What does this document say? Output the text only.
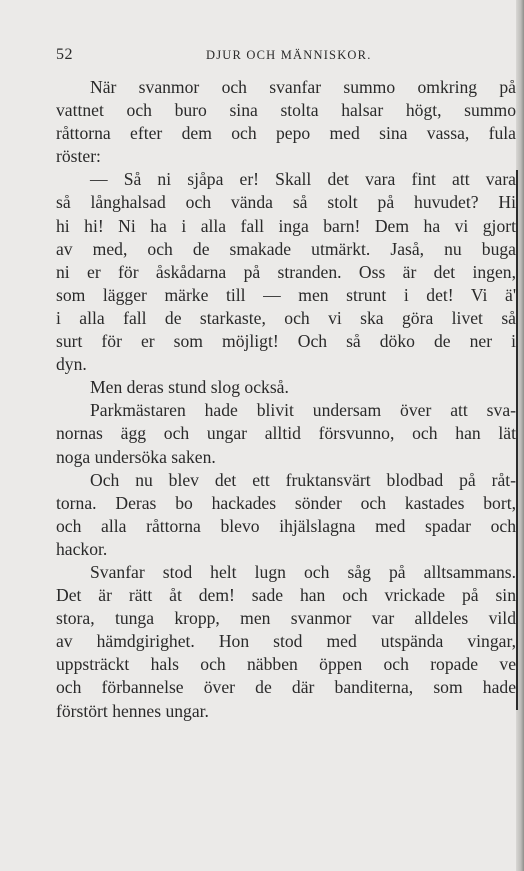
52	DJUR OCH MÄNNISKOR.
När svanmor och svanfar summo omkring på
vattnet och buro sina stolta halsar högt, summo
råttorna efter dem och pepo med sina vassa, fula
röster:
— Så ni sjåpa er! Skall det vara fint att vara
så långhalsad och vända så stolt på huvudet? Hi
hi hi! Ni ha i alla fall inga barn! Dem ha vi gjort
av med, och de smakade utmärkt. Jaså, nu buga
ni er för åskådarna på stranden. Oss är det ingen,
som lägger märke till — men strunt i det! Vi ä'
i alla fall de starkaste, och vi ska göra livet så
surt för er som möjligt! Och så döko de ner i
dyn.
Men deras stund slog också.
Parkmästaren hade blivit undersam över att sva-
nornas ägg och ungar alltid försvunno, och han lät
noga undersöka saken.
Och nu blev det ett fruktansvärt blodbad på råt-
torna. Deras bo hackades sönder och kastades bort,
och alla råttorna blevo ihjälslagna med spadar och
hackor.
Svanfar stod helt lugn och såg på alltsammans.
Det är rätt åt dem! sade han och vrickade på sin
stora, tunga kropp, men svanmor var alldeles vild
av hämdgirighet. Hon stod med utspända vingar,
uppsträckt hals och näbben öppen och ropade ve
och förbannelse över de där banditerna, som hade
förstört hennes ungar.
